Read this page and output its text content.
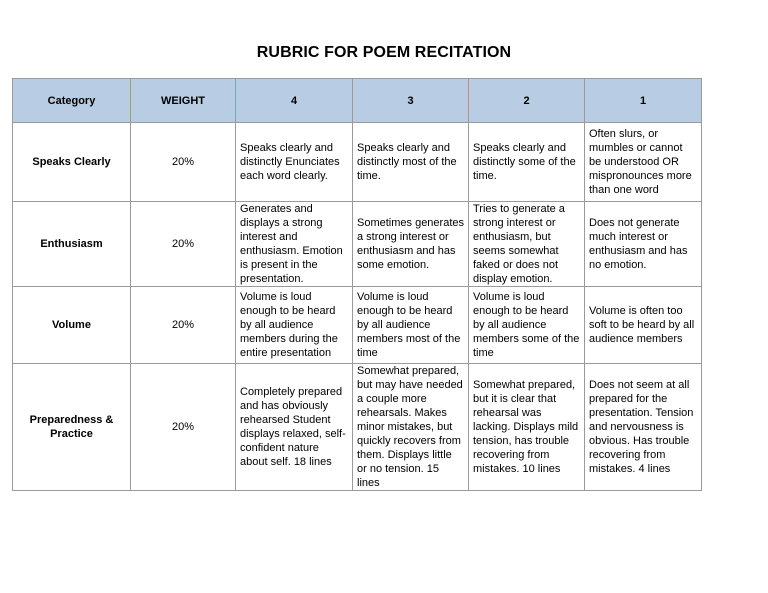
RUBRIC FOR POEM RECITATION
Category	WEIGHT	4	3	2	1
Speaks Clearly	20%	Speaks clearly and distinctly Enunciates each word clearly.	Speaks clearly and distinctly most of the time.	Speaks clearly and distinctly some of the time.	Often slurs, or mumbles or cannot be understood OR mispronounces more than one word
Enthusiasm	20%	Generates and displays a strong interest and enthusiasm. Emotion is present in the presentation.	Sometimes generates a strong interest or enthusiasm and has some emotion.	Tries to generate a strong interest or enthusiasm, but seems somewhat faked or does not display emotion.	Does not generate much interest or enthusiasm and has no emotion.
Volume	20%	Volume is loud enough to be heard by all audience members during the entire presentation	Volume is loud enough to be heard by all audience members most of the time	Volume is loud enough to be heard by all audience members some of the time	Volume is often too soft to be heard by all audience members
Preparedness & Practice	20%	Completely prepared and has obviously rehearsed Student displays relaxed, self-confident nature about self. 18 lines	Somewhat prepared, but may have needed a couple more rehearsals. Makes minor mistakes, but quickly recovers from them. Displays little or no tension. 15 lines	Somewhat prepared, but it is clear that rehearsal was lacking. Displays mild tension, has trouble recovering from mistakes. 10 lines	Does not seem at all prepared for the presentation. Tension and nervousness is obvious. Has trouble recovering from mistakes. 4 lines
